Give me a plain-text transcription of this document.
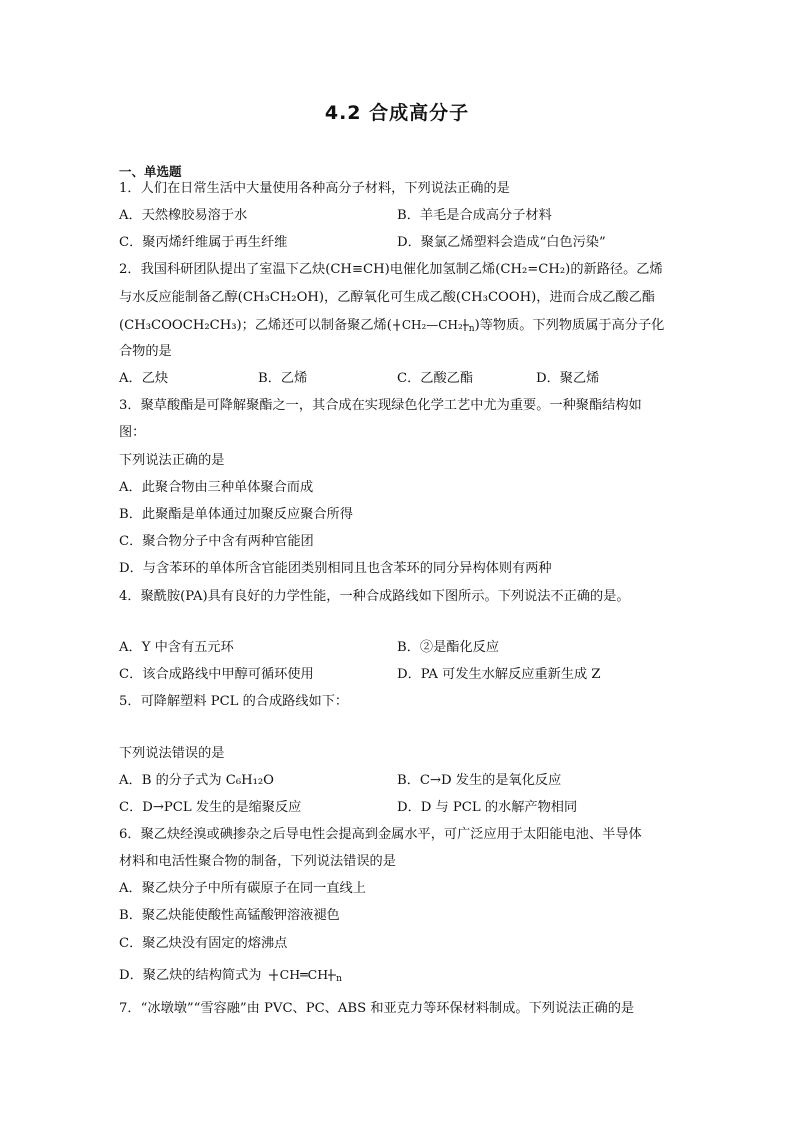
4.2 合成高分子
一、单选题
1．人们在日常生活中大量使用各种高分子材料，下列说法正确的是
A．天然橡胶易溶于水	B．羊毛是合成高分子材料
C．聚丙烯纤维属于再生纤维	D．聚氯乙烯塑料会造成“白色污染”
2．我国科研团队提出了室温下乙炔(CH≡CH)电催化加氢制乙烯(CH₂=CH₂)的新路径。乙烯
与水反应能制备乙醇(CH₃CH₂OH)，乙醇氧化可生成乙酸(CH₃COOH)，进而合成乙酸乙酯
(CH₃COOCH₂CH₃)；乙烯还可以制备聚乙烯( CH₂—CH₂ $_n$)等物质。下列物质属于高分子化
合物的是
A．乙炔	B．乙烯	C．乙酸乙酯	D．聚乙烯
3．聚草酸酯是可降解聚酯之一，其合成在实现绿色化学工艺中尤为重要。一种聚酯结构如
图：
下列说法正确的是
A．此聚合物由三种单体聚合而成
B．此聚酯是单体通过加聚反应聚合所得
C．聚合物分子中含有两种官能团
D．与含苯环的单体所含官能团类别相同且也含苯环的同分异构体则有两种
4．聚酰胺(PA)具有良好的力学性能，一种合成路线如下图所示。下列说法不正确的是。
A．Y 中含有五元环	B．②是酯化反应
C．该合成路线中甲醇可循环使用	D．PA 可发生水解反应重新生成 Z
5．可降解塑料 PCL 的合成路线如下：
下列说法错误的是
A．B 的分子式为 C₆H₁₂O	B．C→D 发生的是氧化反应
C．D→PCL 发生的是缩聚反应	D．D 与 PCL 的水解产物相同
6．聚乙炔经溴或碘掺杂之后导电性会提高到金属水平，可广泛应用于太阳能电池、半导体
材料和电活性聚合物的制备，下列说法错误的是
A．聚乙炔分子中所有碳原子在同一直线上
B．聚乙炔能使酸性高锰酸钾溶液褪色
C．聚乙炔没有固定的熔沸点
D．聚乙炔的结构简式为 CH═CH $_n$
7．“冰墩墩”“雪容融”由 PVC、PC、ABS 和亚克力等环保材料制成。下列说法正确的是
